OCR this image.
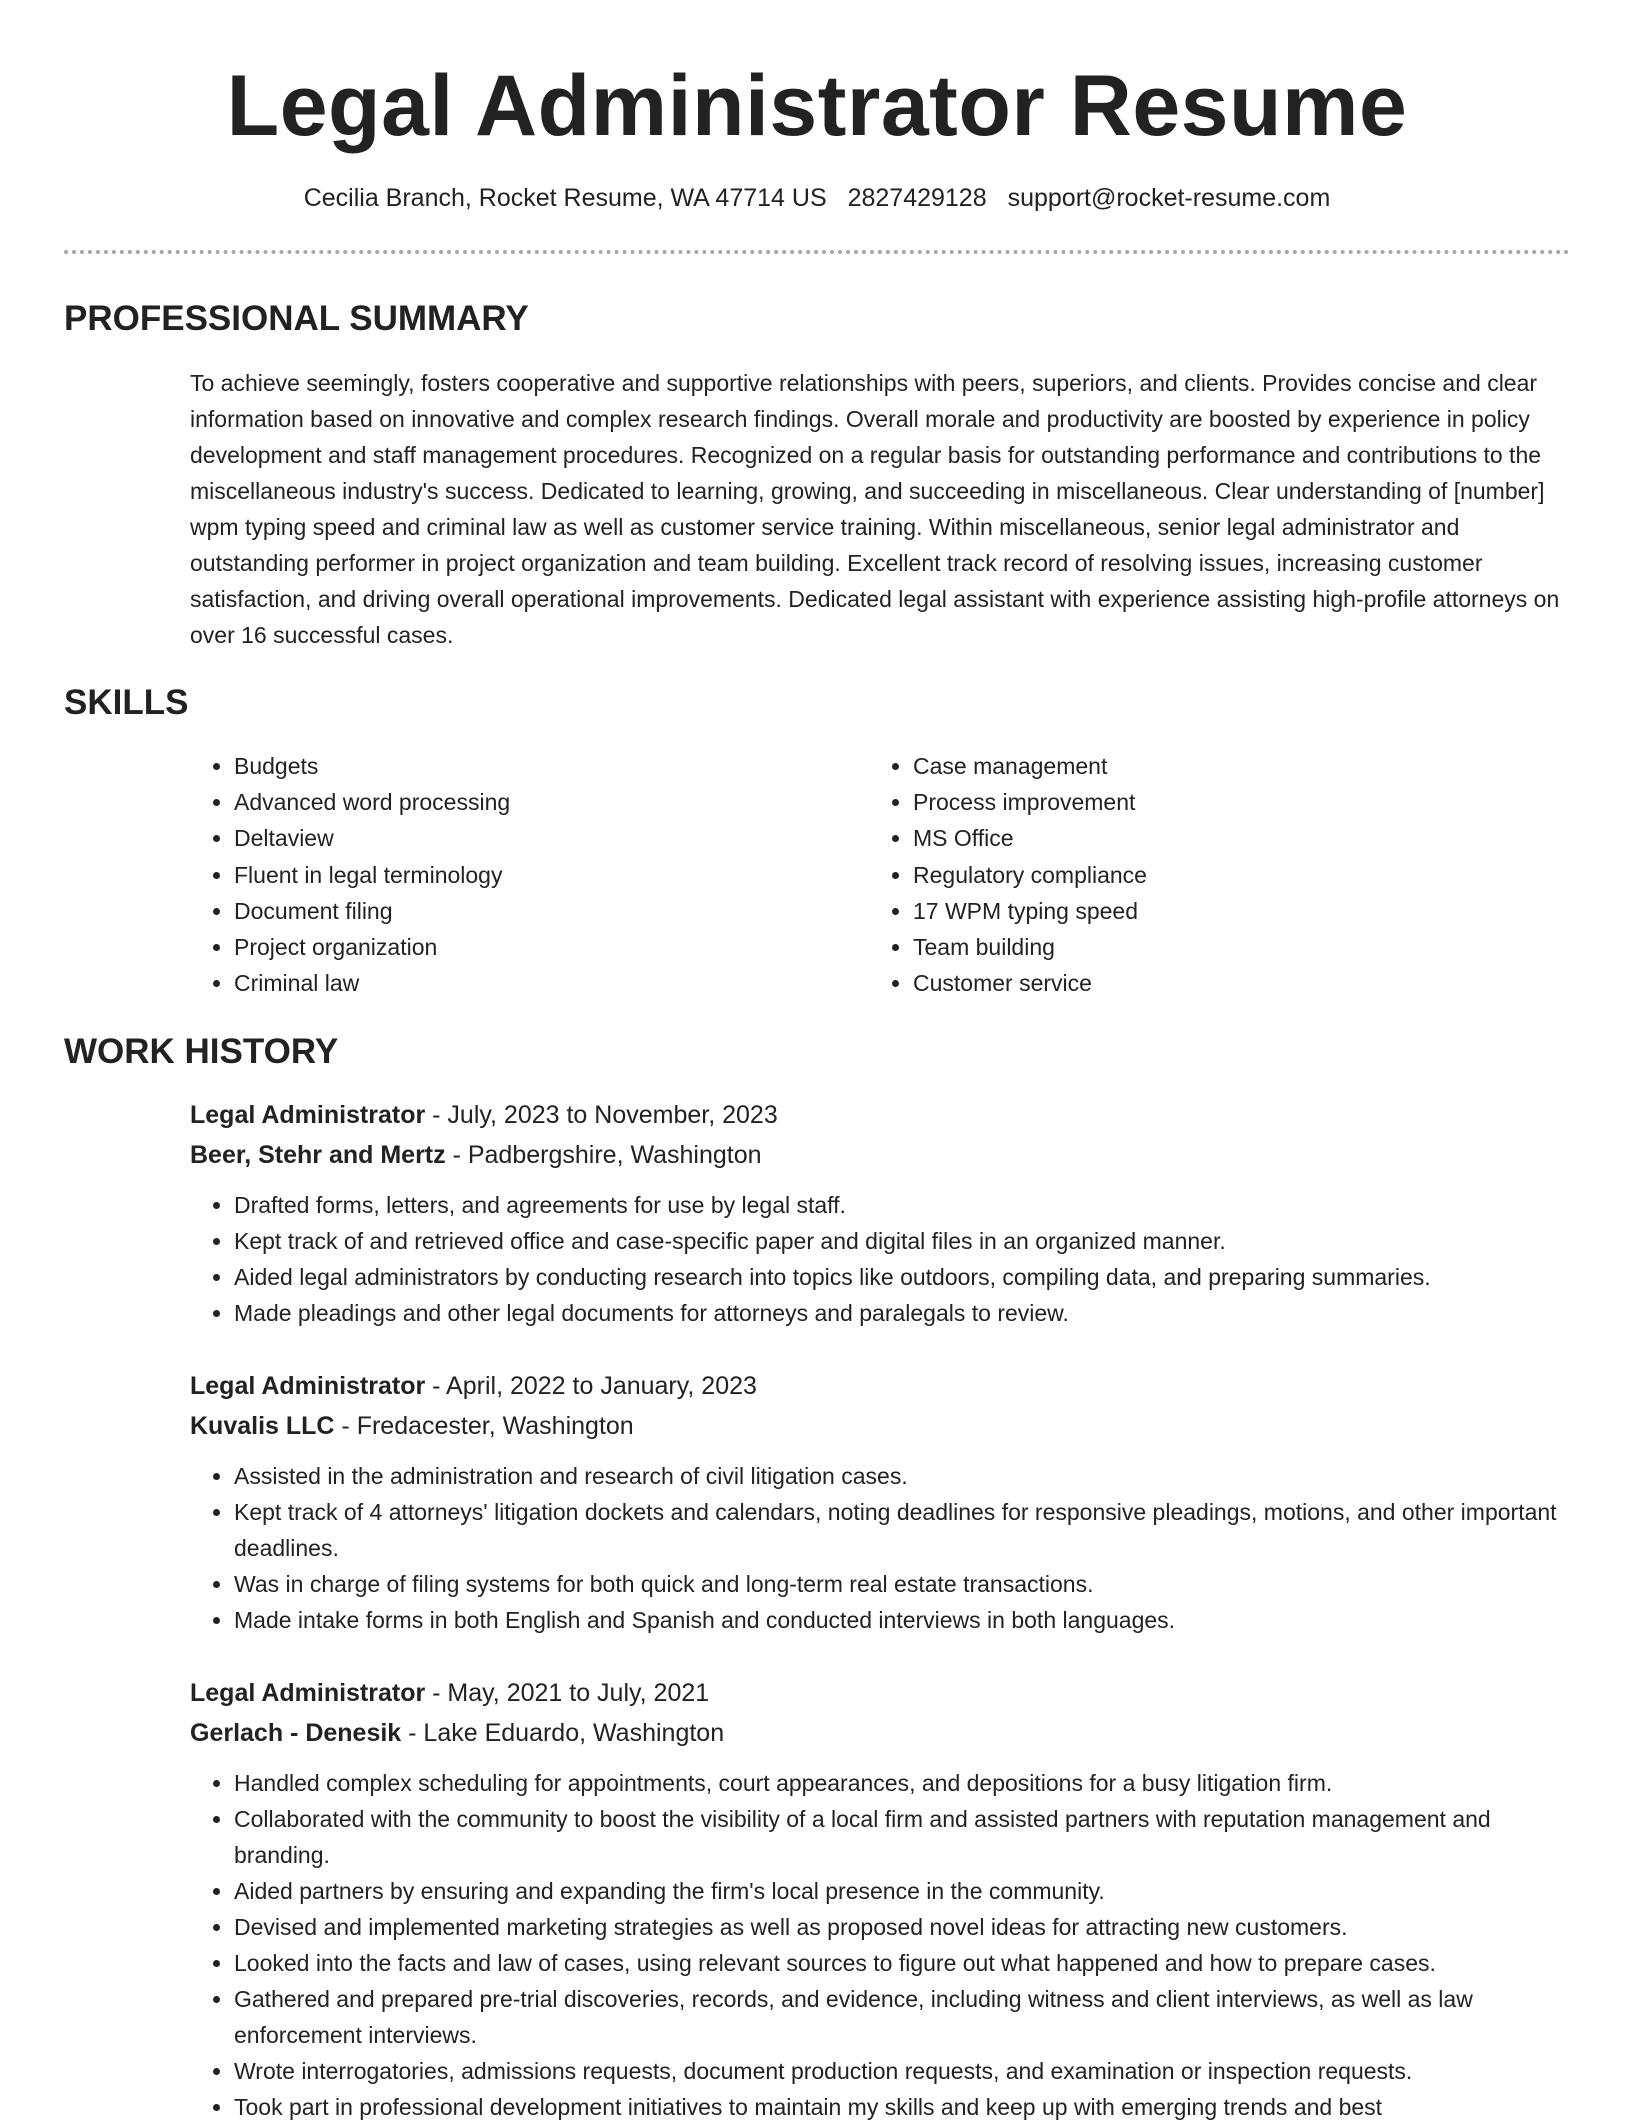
Legal Administrator Resume
Cecilia Branch, Rocket Resume, WA 47714 US 2827429128 support@rocket-resume.com
PROFESSIONAL SUMMARY

To achieve seemingly, fosters cooperative and supportive relationships with peers, superiors, and clients. Provides concise and clear information based on innovative and complex research findings. Overall morale and productivity are boosted by experience in policy development and staff management procedures. Recognized on a regular basis for outstanding performance and contributions to the miscellaneous industry's success. Dedicated to learning, growing, and succeeding in miscellaneous. Clear understanding of [number] wpm typing speed and criminal law as well as customer service training. Within miscellaneous, senior legal administrator and outstanding performer in project organization and team building. Excellent track record of resolving issues, increasing customer satisfaction, and driving overall operational improvements. Dedicated legal assistant with experience assisting high-profile attorneys on over 16 successful cases.

SKILLS
• Budgets
• Advanced word processing
• Deltaview
• Fluent in legal terminology
• Document filing
• Project organization
• Criminal law
• Case management
• Process improvement
• MS Office
• Regulatory compliance
• 17 WPM typing speed
• Team building
• Customer service
WORK HISTORY

Legal Administrator - July, 2023 to November, 2023

Beer, Stehr and Mertz - Padbergshire, Washington

• Drafted forms, letters, and agreements for use by legal staff.
• Kept track of and retrieved office and case-specific paper and digital files in an organized manner.
• Aided legal administrators by conducting research into topics like outdoors, compiling data, and preparing summaries.
• Made pleadings and other legal documents for attorneys and paralegals to review.

Legal Administrator - April, 2022 to January, 2023

Kuvalis LLC - Fredacester, Washington

• Assisted in the administration and research of civil litigation cases.
• Kept track of 4 attorneys' litigation dockets and calendars, noting deadlines for responsive pleadings, motions, and other important deadlines.
• Was in charge of filing systems for both quick and long-term real estate transactions.
• Made intake forms in both English and Spanish and conducted interviews in both languages.

Legal Administrator - May, 2021 to July, 2021

Gerlach - Denesik - Lake Eduardo, Washington

• Handled complex scheduling for appointments, court appearances, and depositions for a busy litigation firm.
• Collaborated with the community to boost the visibility of a local firm and assisted partners with reputation management and branding.
• Aided partners by ensuring and expanding the firm's local presence in the community.
• Devised and implemented marketing strategies as well as proposed novel ideas for attracting new customers.
• Looked into the facts and law of cases, using relevant sources to figure out what happened and how to prepare cases.
• Gathered and prepared pre-trial discoveries, records, and evidence, including witness and client interviews, as well as law enforcement interviews.
• Wrote interrogatories, admissions requests, document production requests, and examination or inspection requests.
• Took part in professional development initiatives to maintain my skills and keep up with emerging trends and best
